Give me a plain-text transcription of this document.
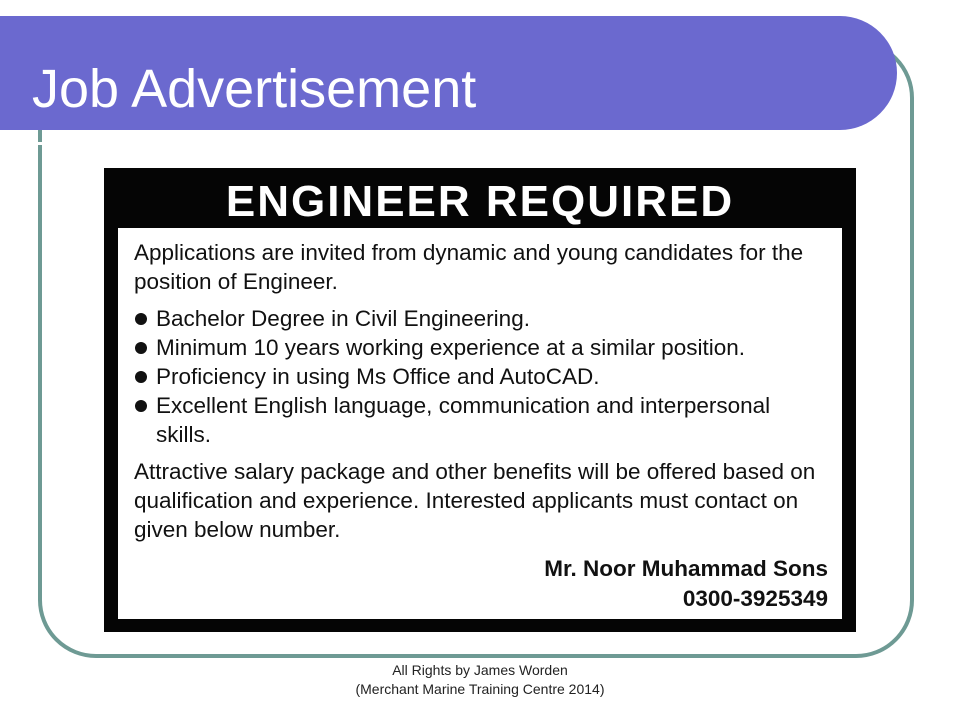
Job Advertisement
ENGINEER REQUIRED

Applications are invited from dynamic and young candidates for the position of Engineer.

Bachelor Degree in Civil Engineering.
Minimum 10 years working experience at a similar position.
Proficiency in using Ms Office and AutoCAD.
Excellent English language, communication and interpersonal skills.

Attractive salary package and other benefits will be offered based on qualification and experience. Interested applicants must contact on given below number.

Mr. Noor Muhammad Sons
0300-3925349
All Rights by James Worden
(Merchant Marine Training Centre 2014)
